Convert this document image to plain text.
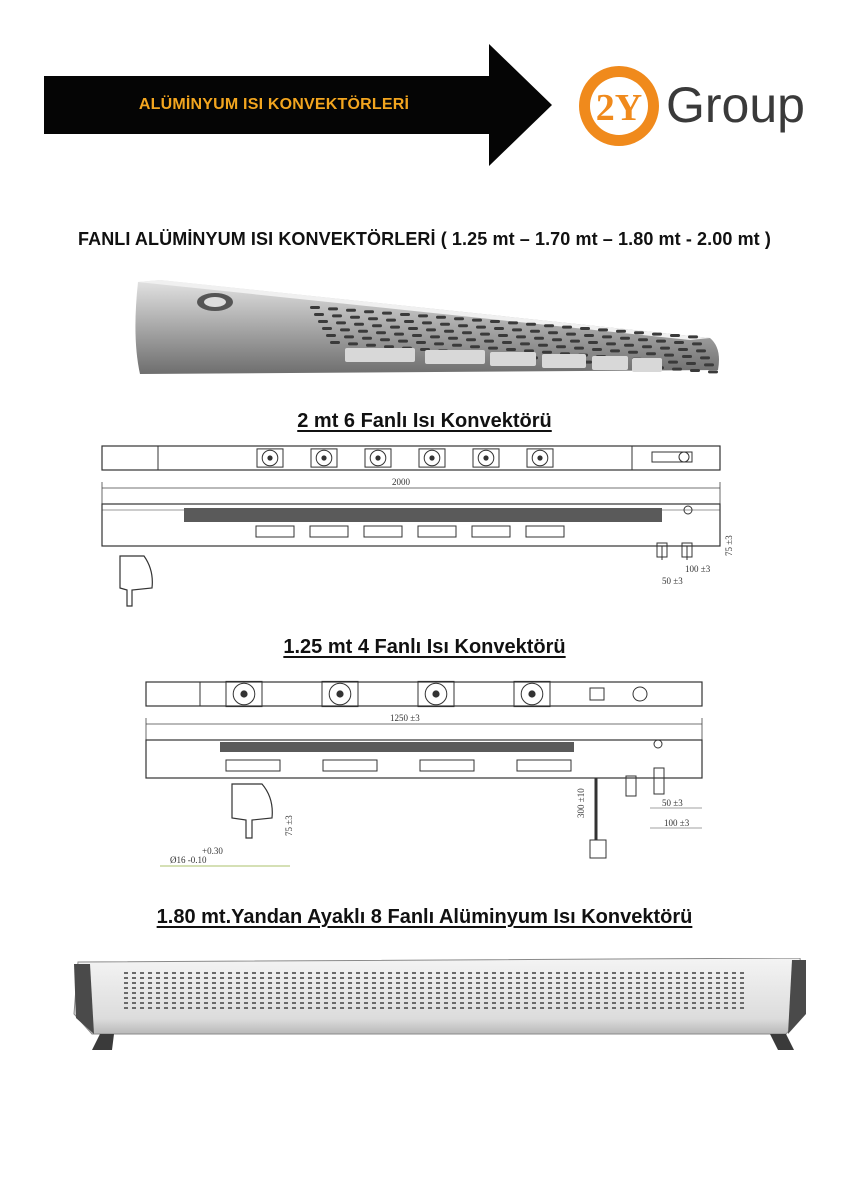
ALÜMİNYUM ISI KONVEKTÖRLERİ	2Y Group
FANLI ALÜMİNYUM ISI KONVEKTÖRLERİ ( 1.25 mt – 1.70 mt – 1.80 mt - 2.00 mt )
2 mt 6 Fanlı Isı Konvektörü
2000
100 ±3
50 ±3
75 ±3
1.25 mt 4 Fanlı Isı Konvektörü
1250 ±3
300 ±10	50 ±3
100 ±3
75 ±3
+0.30
Ø16 -0.10
1.80 mt.Yandan Ayaklı 8 Fanlı Alüminyum Isı Konvektörü
